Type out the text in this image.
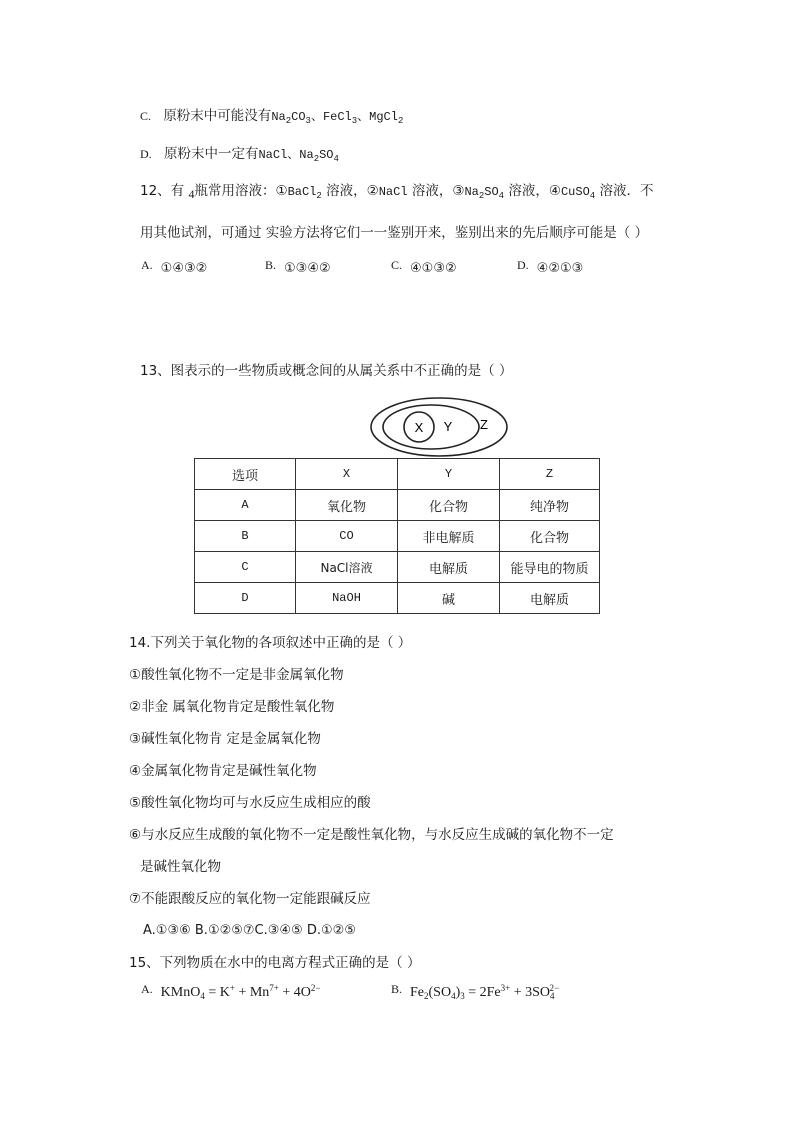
C. 原粉末中可能没有$Na_2CO_3$、FeCl$_3$、MgCl$_2$
D. 原粉末中一定有NaCl、$Na_2SO_4$
12、有 4瓶常用溶液：①BaCl$_2$ 溶液，②NaCl 溶液，$③Na_2SO_4$ 溶液，④CuSO$_4$ 溶液．不
用其他试剂，可通过 实验方法将它们一一鉴别开来，鉴别出来的先后顺序可能是（ ）
A. ①④③②	B. ①③④②	C. ④①③②	D. ④②①③
13、图表示的一些物质或概念间的从属关系中不正确的是（ ）
X Y Z
选项	X	Y	Z
A	氧化物	化合物	纯净物
B	CO	非电解质	化合物
C	NaCl溶液	电解质	能导电的物质
D	NaOH	碱	电解质
14.下列关于氧化物的各项叙述中正确的是（ ）
①酸性氧化物不一定是非金属氧化物
②非金 属氧化物肯定是酸性氧化物
③碱性氧化物肯 定是金属氧化物
④金属氧化物肯定是碱性氧化物
⑤酸性氧化物均可与水反应生成相应的酸
⑥与水反应生成酸的氧化物不一定是酸性氧化物，与水反应生成碱的氧化物不一定
是碱性氧化物
⑦不能跟酸反应的氧化物一定能跟碱反应
A.①③⑥ B.①②⑤⑦C.③④⑤ D.①②⑤
15、下列物质在水中的电离方程式正确的是（ ）
A. KMnO$_4$ = $K^+ + Mn^{7+} + 4O^{2-}$	B. $Fe_2(SO_4)_3 = 2Fe^{3+} + 3SO_4^{2-}$
